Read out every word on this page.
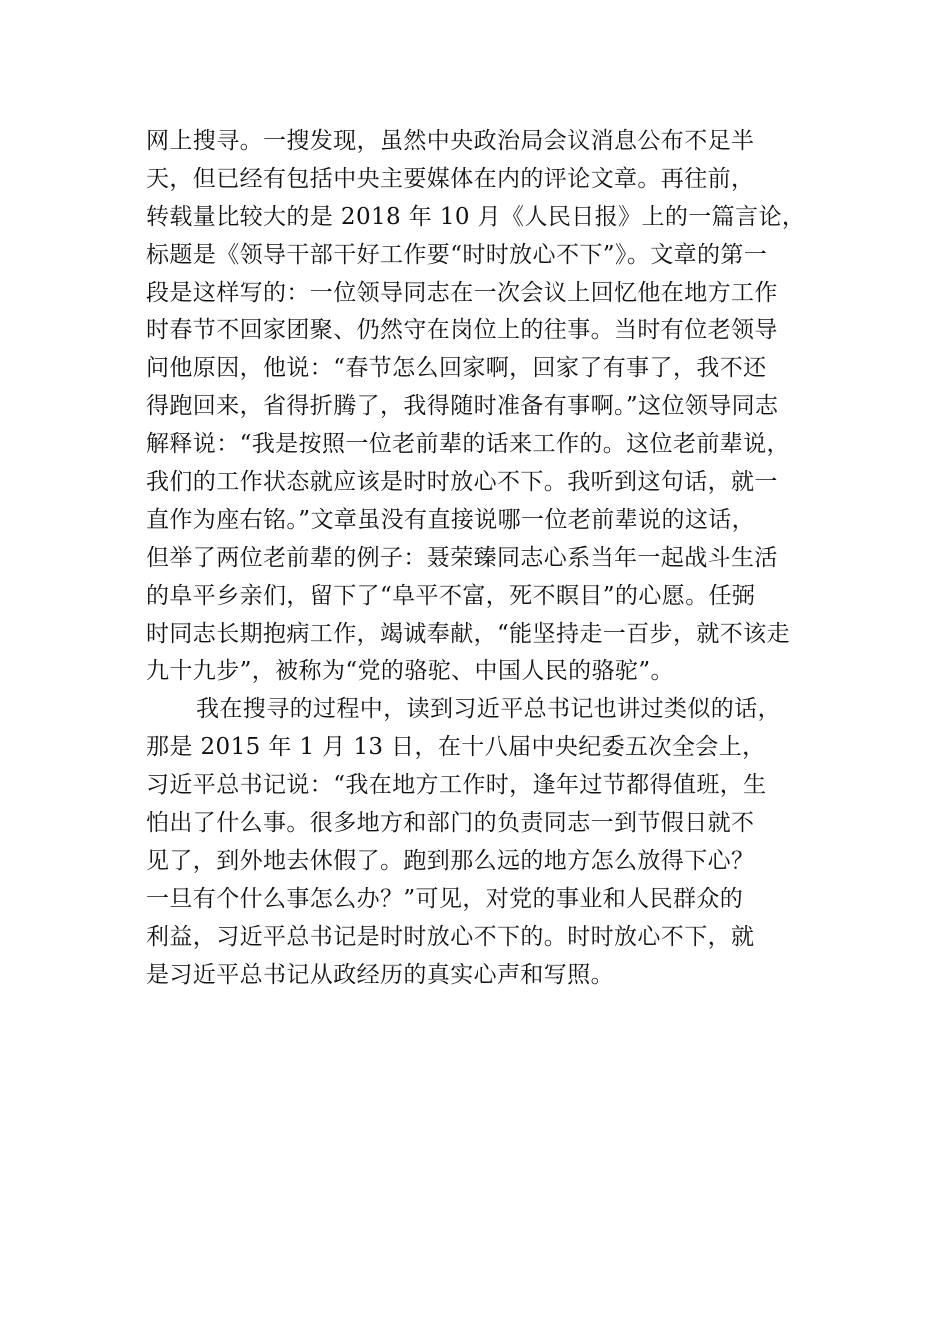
网上搜寻。一搜发现，虽然中央政治局会议消息公布不足半
天，但已经有包括中央主要媒体在内的评论文章。再往前，
转载量比较大的是 2018 年 10 月《人民日报》上的一篇言论，
标题是《领导干部干好工作要“时时放心不下”》。文章的第一
段是这样写的：一位领导同志在一次会议上回忆他在地方工作
时春节不回家团聚、仍然守在岗位上的往事。当时有位老领导
问他原因，他说：“春节怎么回家啊，回家了有事了，我不还
得跑回来，省得折腾了，我得随时准备有事啊。”这位领导同志
解释说：“我是按照一位老前辈的话来工作的。这位老前辈说，
我们的工作状态就应该是时时放心不下。我听到这句话，就一
直作为座右铭。”文章虽没有直接说哪一位老前辈说的这话，
但举了两位老前辈的例子：聂荣臻同志心系当年一起战斗生活
的阜平乡亲们，留下了“阜平不富，死不瞑目”的心愿。任弼
时同志长期抱病工作，竭诚奉献，“能坚持走一百步，就不该走
九十九步”，被称为“党的骆驼、中国人民的骆驼”。
我在搜寻的过程中，读到习近平总书记也讲过类似的话，
那是 2015 年 1 月 13 日，在十八届中央纪委五次全会上，
习近平总书记说：“我在地方工作时，逢年过节都得值班，生
怕出了什么事。很多地方和部门的负责同志一到节假日就不
见了，到外地去休假了。跑到那么远的地方怎么放得下心？
一旦有个什么事怎么办？”可见，对党的事业和人民群众的
利益，习近平总书记是时时放心不下的。时时放心不下，就
是习近平总书记从政经历的真实心声和写照。
